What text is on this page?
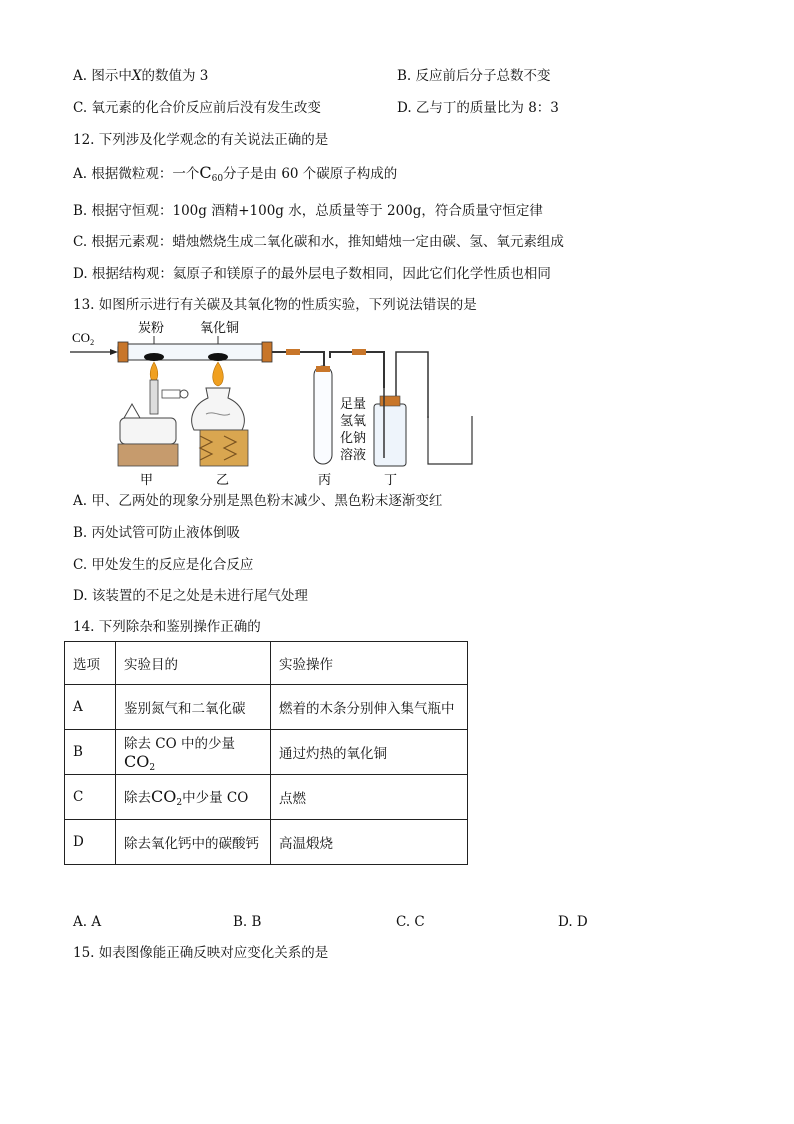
A. 图示中X的数值为 3	B. 反应前后分子总数不变
C. 氧元素的化合价反应前后没有发生改变	D. 乙与丁的质量比为 8：3
12. 下列涉及化学观念的有关说法正确的是
A. 根据微粒观：一个$C_{60}$分子是由 60 个碳原子构成的
B. 根据守恒观：100g 酒精+100g 水，总质量等于 200g，符合质量守恒定律
C. 根据元素观：蜡烛燃烧生成二氧化碳和水，推知蜡烛一定由碳、氢、氧元素组成
D. 根据结构观：氦原子和镁原子的最外层电子数相同，因此它们化学性质也相同
13. 如图所示进行有关碳及其氧化物的性质实验，下列说法错误的是
$CO_2$
炭粉	氧化铜
足量
氢氧
化钠
溶液
甲	乙	丙	丁
A. 甲、乙两处的现象分别是黑色粉末减少、黑色粉末逐渐变红
B. 丙处试管可防止液体倒吸
C. 甲处发生的反应是化合反应
D. 该装置的不足之处是未进行尾气处理
14. 下列除杂和鉴别操作正确的
选项	实验目的	实验操作
A	鉴别氮气和二氧化碳	燃着的木条分别伸入集气瓶中
B	除去 CO 中的少量$CO_2$	通过灼热的氧化铜
C	除去$CO_2$中少量 CO	点燃
D	除去氧化钙中的碳酸钙	高温煅烧
A. A	B. B	C. C	D. D
15. 如表图像能正确反映对应变化关系的是
